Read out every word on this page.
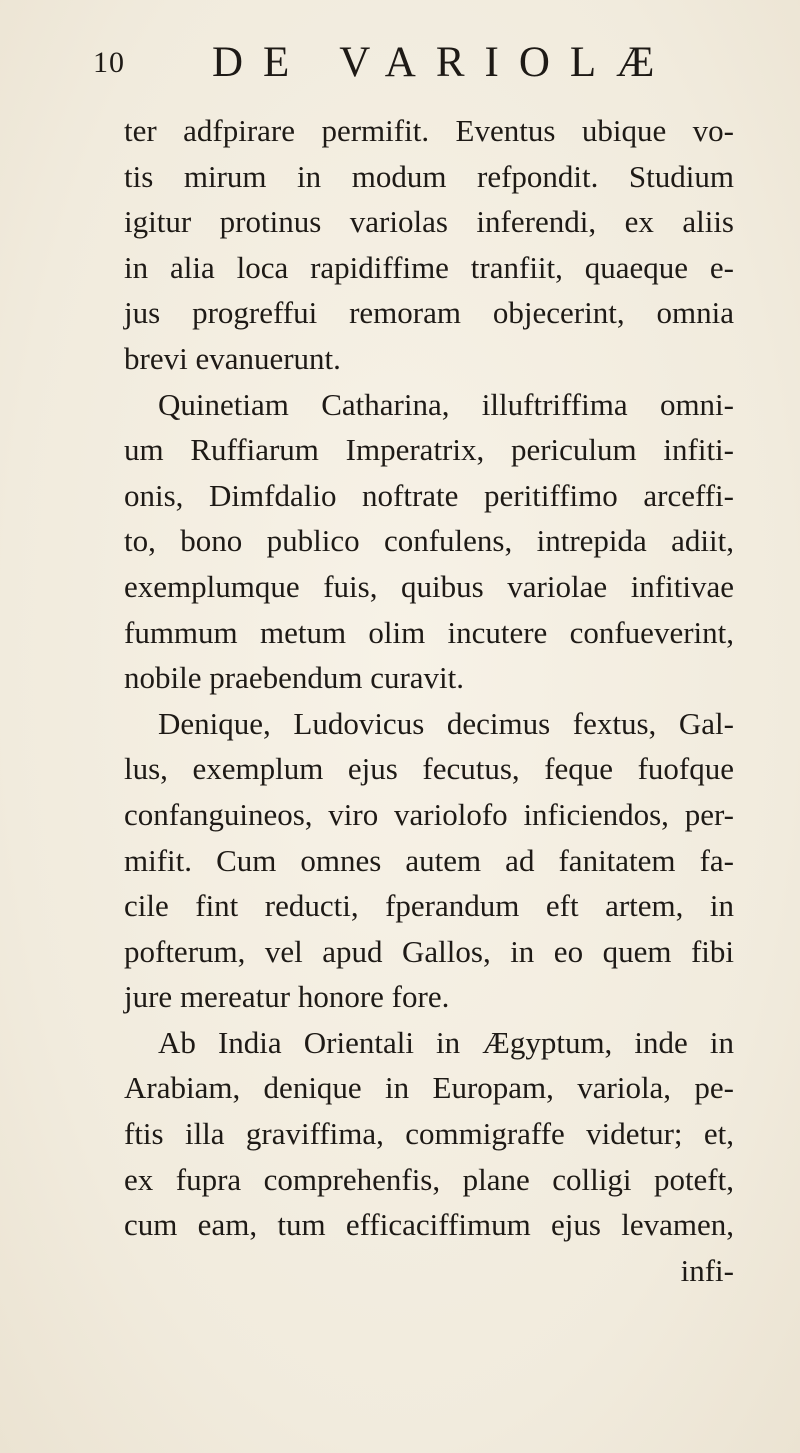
10 DE VARIOLÆ
ter adfpirare permifit. Eventus ubique vo-
tis mirum in modum refpondit. Studium
igitur protinus variolas inferendi, ex aliis
in alia loca rapidiffime tranfiit, quaeque e-
jus progreffui remoram objecerint, omnia
brevi evanuerunt.
Quinetiam Catharina, illuftriffima omni-
um Ruffiarum Imperatrix, periculum infiti-
onis, Dimfdalio noftrate peritiffimo arceffi-
to, bono publico confulens, intrepida adiit,
exemplumque fuis, quibus variolae infitivae
fummum metum olim incutere confueverint,
nobile praebendum curavit.
Denique, Ludovicus decimus fextus, Gal-
lus, exemplum ejus fecutus, feque fuofque
confanguineos, viro variolofo inficiendos, per-
mifit. Cum omnes autem ad fanitatem fa-
cile fint reducti, fperandum eft artem, in
pofterum, vel apud Gallos, in eo quem fibi
jure mereatur honore fore.
Ab India Orientali in Ægyptum, inde in
Arabiam, denique in Europam, variola, pe-
ftis illa graviffima, commigraffe videtur; et,
ex fupra comprehenfis, plane colligi poteft,
cum eam, tum efficaciffimum ejus levamen,
infi-
